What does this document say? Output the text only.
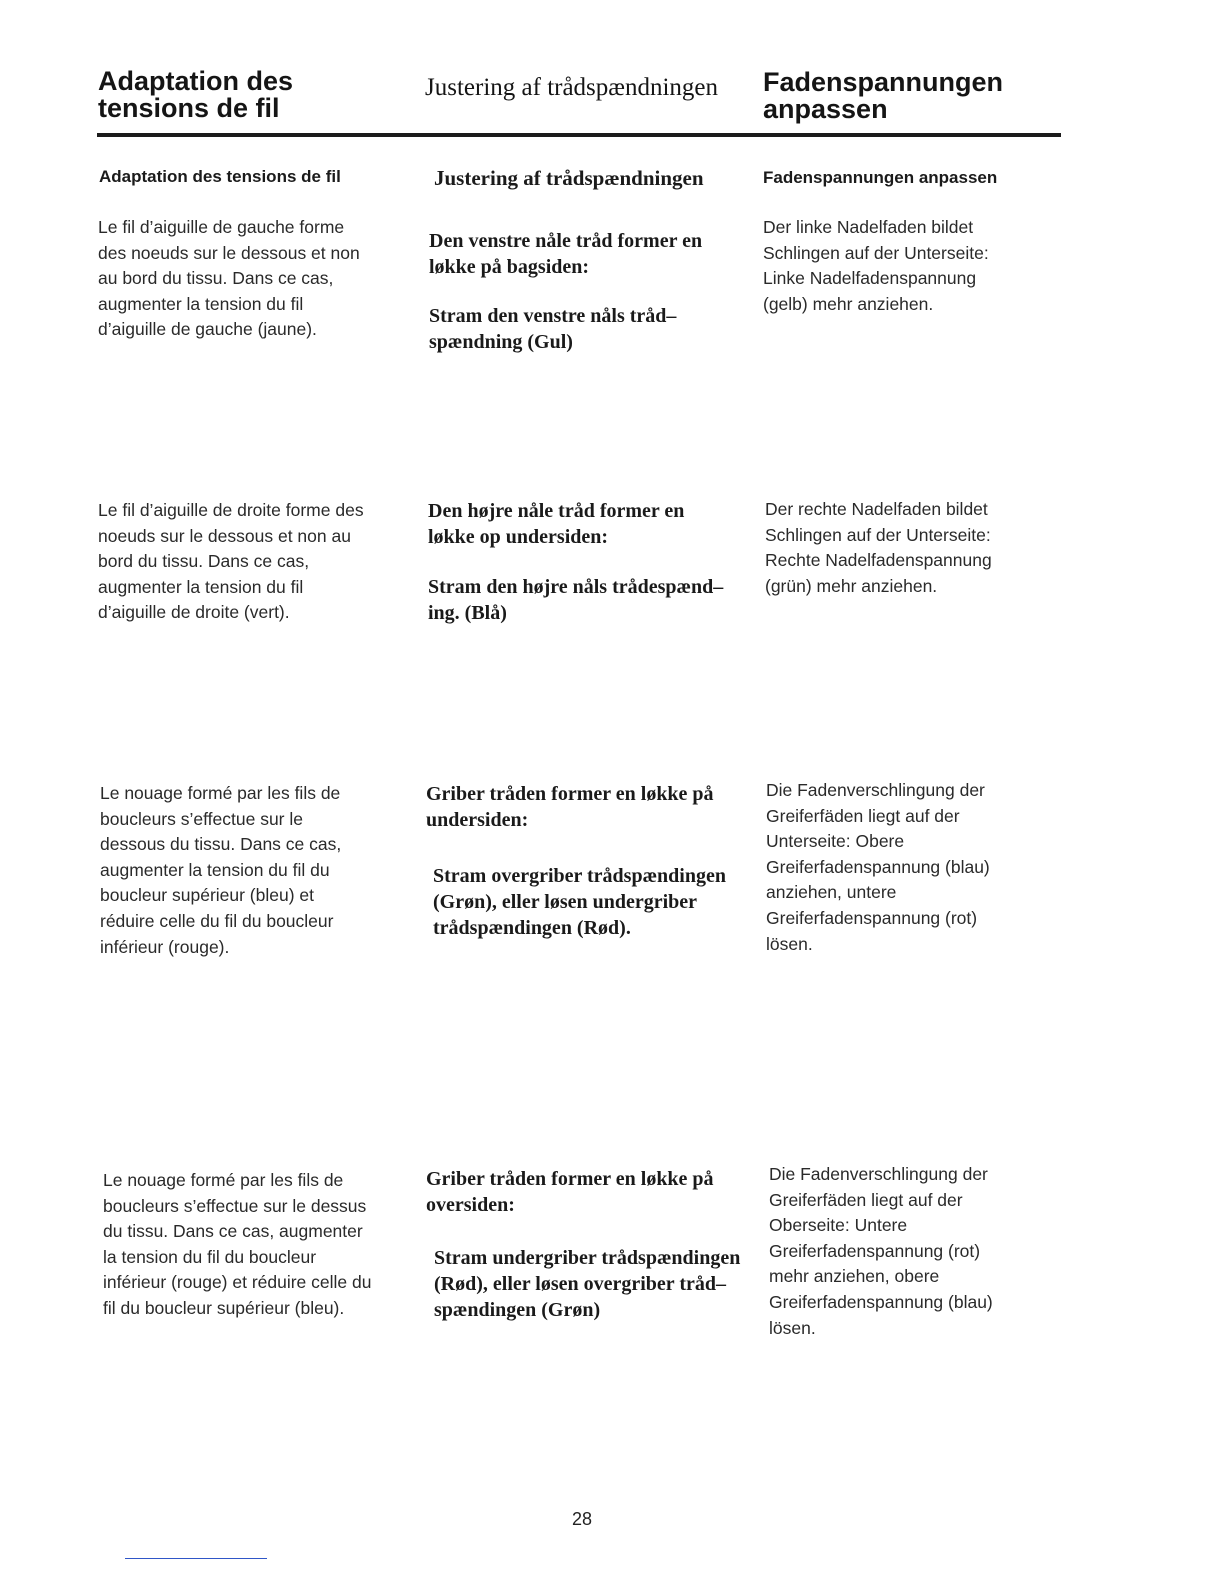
Adaptation des
tensions de fil
Justering af trådspændningen Fadenspannungen
anpassen
Adaptation des tensions de fil	Justering af trådspændningen	Fadenspannungen anpassen
Le fil d’aiguille de gauche forme
des noeuds sur le dessous et non
au bord du tissu. Dans ce cas,
augmenter la tension du fil
d’aiguille de gauche (jaune).
Den venstre nåle tråd former en
løkke på bagsiden:
Stram den venstre nåls tråd–
spændning (Gul)
Der linke Nadelfaden bildet
Schlingen auf der Unterseite:
Linke Nadelfadenspannung
(gelb) mehr anziehen.
Le fil d’aiguille de droite forme des
noeuds sur le dessous et non au
bord du tissu. Dans ce cas,
augmenter la tension du fil
d’aiguille de droite (vert).
Den højre nåle tråd former en
løkke op undersiden:
Stram den højre nåls trådespænd–
ing. (Blå)
Der rechte Nadelfaden bildet
Schlingen auf der Unterseite:
Rechte Nadelfadenspannung
(grün) mehr anziehen.
Le nouage formé par les fils de
boucleurs s’effectue sur le
dessous du tissu. Dans ce cas,
augmenter la tension du fil du
boucleur supérieur (bleu) et
réduire celle du fil du boucleur
inférieur (rouge).
Griber tråden former en løkke på
undersiden:
Stram overgriber trådspændingen
(Grøn), eller løsen undergriber
trådspændingen (Rød).
Die Fadenverschlingung der
Greiferfäden liegt auf der
Unterseite: Obere
Greiferfadenspannung (blau)
anziehen, untere
Greiferfadenspannung (rot)
lösen.
Le nouage formé par les fils de
boucleurs s’effectue sur le dessus
du tissu. Dans ce cas, augmenter
la tension du fil du boucleur
inférieur (rouge) et réduire celle du
fil du boucleur supérieur (bleu).
Griber tråden former en løkke på
oversiden:
Stram undergriber trådspændingen
(Rød), eller løsen overgriber tråd–
spændingen (Grøn)
Die Fadenverschlingung der
Greiferfäden liegt auf der
Oberseite: Untere
Greiferfadenspannung (rot)
mehr anziehen, obere
Greiferfadenspannung (blau)
lösen.
28
